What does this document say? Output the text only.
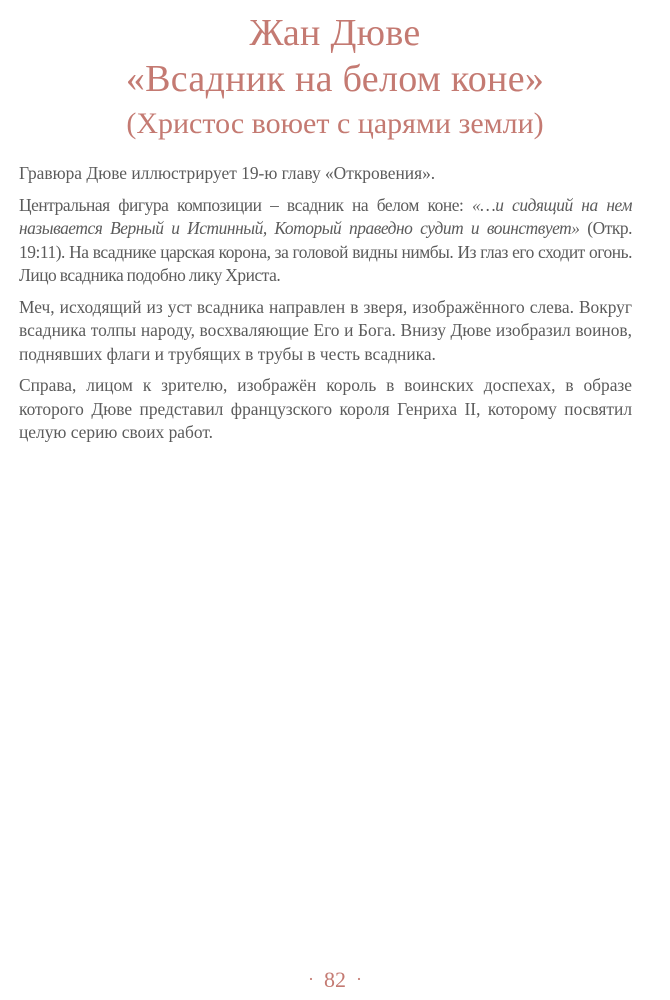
Жан Дюве
«Всадник на белом коне»
(Христос воюет с царями земли)

Гравюра Дюве иллюстрирует 19-ю главу «Откровения».

Центральная фигура композиции – всадник на белом коне: «…и сидящий на нем называется Верный и Истинный, Который праведно судит и воинствует» (Откр. 19:11). На всаднике царская корона, за головой видны нимбы. Из глаз его сходит огонь. Лицо всадника подобно лику Христа.

Меч, исходящий из уст всадника направлен в зверя, изображённого слева. Вокруг всадника толпы народу, восхваляющие Его и Бога. Внизу Дюве изобразил воинов, поднявших флаги и трубящих в трубы в честь всадника.

Справа, лицом к зрителю, изображён король в воинских доспехах, в образе которого Дюве представил французского короля Генриха II, которому посвятил целую серию своих работ.

· 82 ·
